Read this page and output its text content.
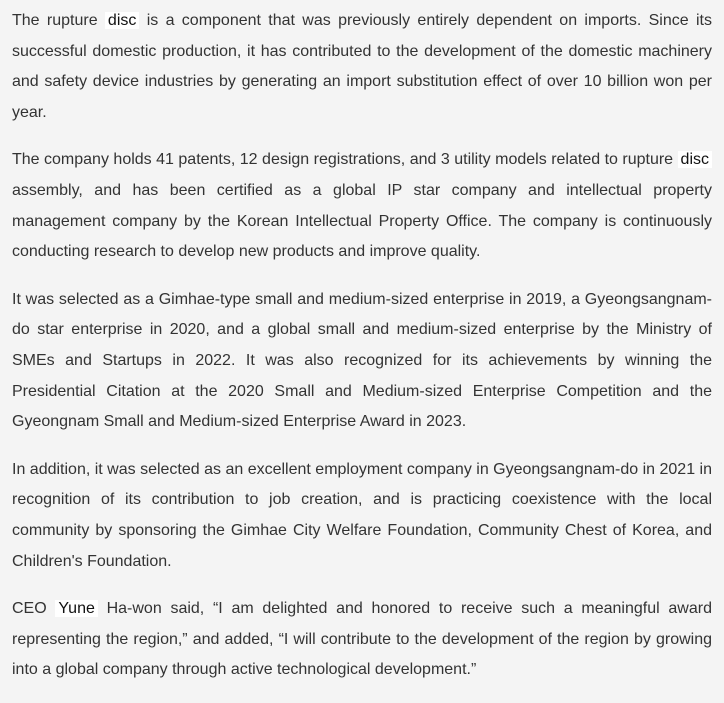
The rupture disc is a component that was previously entirely dependent on imports. Since its successful domestic production, it has contributed to the development of the domestic machinery and safety device industries by generating an import substitution effect of over 10 billion won per year.

The company holds 41 patents, 12 design registrations, and 3 utility models related to rupture disc assembly, and has been certified as a global IP star company and intellectual property management company by the Korean Intellectual Property Office. The company is continuously conducting research to develop new products and improve quality.

It was selected as a Gimhae-type small and medium-sized enterprise in 2019, a Gyeongsangnam-do star enterprise in 2020, and a global small and medium-sized enterprise by the Ministry of SMEs and Startups in 2022. It was also recognized for its achievements by winning the Presidential Citation at the 2020 Small and Medium-sized Enterprise Competition and the Gyeongnam Small and Medium-sized Enterprise Award in 2023.

In addition, it was selected as an excellent employment company in Gyeongsangnam-do in 2021 in recognition of its contribution to job creation, and is practicing coexistence with the local community by sponsoring the Gimhae City Welfare Foundation, Community Chest of Korea, and Children's Foundation.

CEO Yune Ha-won said, “I am delighted and honored to receive such a meaningful award representing the region,” and added, “I will contribute to the development of the region by growing into a global company through active technological development.”
